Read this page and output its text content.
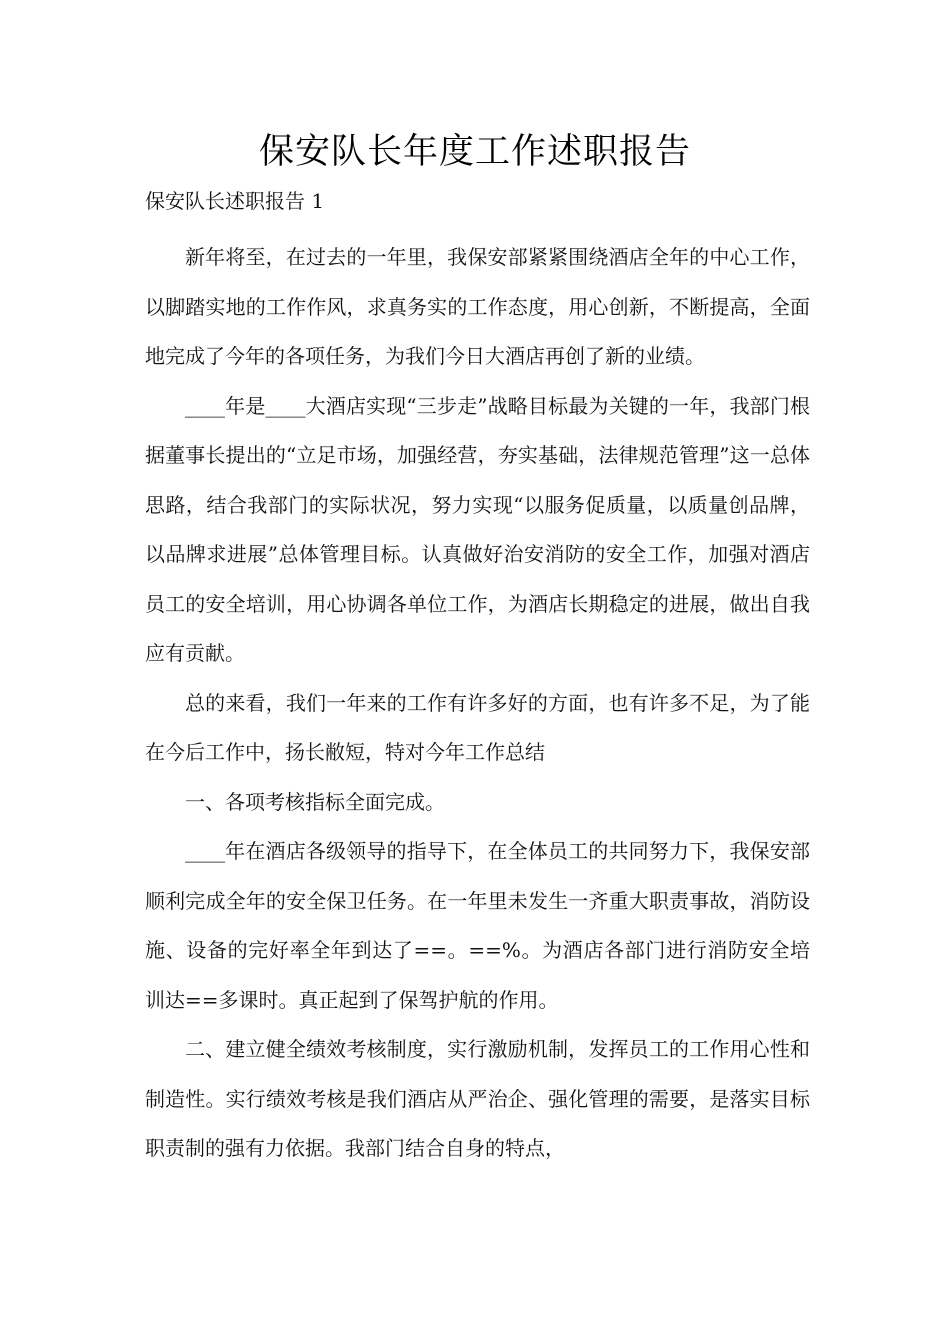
保安队长年度工作述职报告

保安队长述职报告 1

新年将至，在过去的一年里，我保安部紧紧围绕酒店全年的中心工作，以脚踏实地的工作作风，求真务实的工作态度，用心创新，不断提高，全面地完成了今年的各项任务，为我们今日大酒店再创了新的业绩。

____年是____大酒店实现“三步走”战略目标最为关键的一年，我部门根据董事长提出的“立足市场，加强经营，夯实基础，法律规范管理”这一总体思路，结合我部门的实际状况，努力实现“以服务促质量，以质量创品牌，以品牌求进展”总体管理目标。认真做好治安消防的安全工作，加强对酒店员工的安全培训，用心协调各单位工作，为酒店长期稳定的进展，做出自我应有贡献。

总的来看，我们一年来的工作有许多好的方面，也有许多不足，为了能在今后工作中，扬长敝短，特对今年工作总结

一、各项考核指标全面完成。

____年在酒店各级领导的指导下，在全体员工的共同努力下，我保安部顺利完成全年的安全保卫任务。在一年里未发生一齐重大职责事故，消防设施、设备的完好率全年到达了==。==%。为酒店各部门进行消防安全培训达==多课时。真正起到了保驾护航的作用。

二、建立健全绩效考核制度，实行激励机制，发挥员工的工作用心性和制造性。实行绩效考核是我们酒店从严治企、强化管理的需要，是落实目标职责制的强有力依据。我部门结合自身的特点，
